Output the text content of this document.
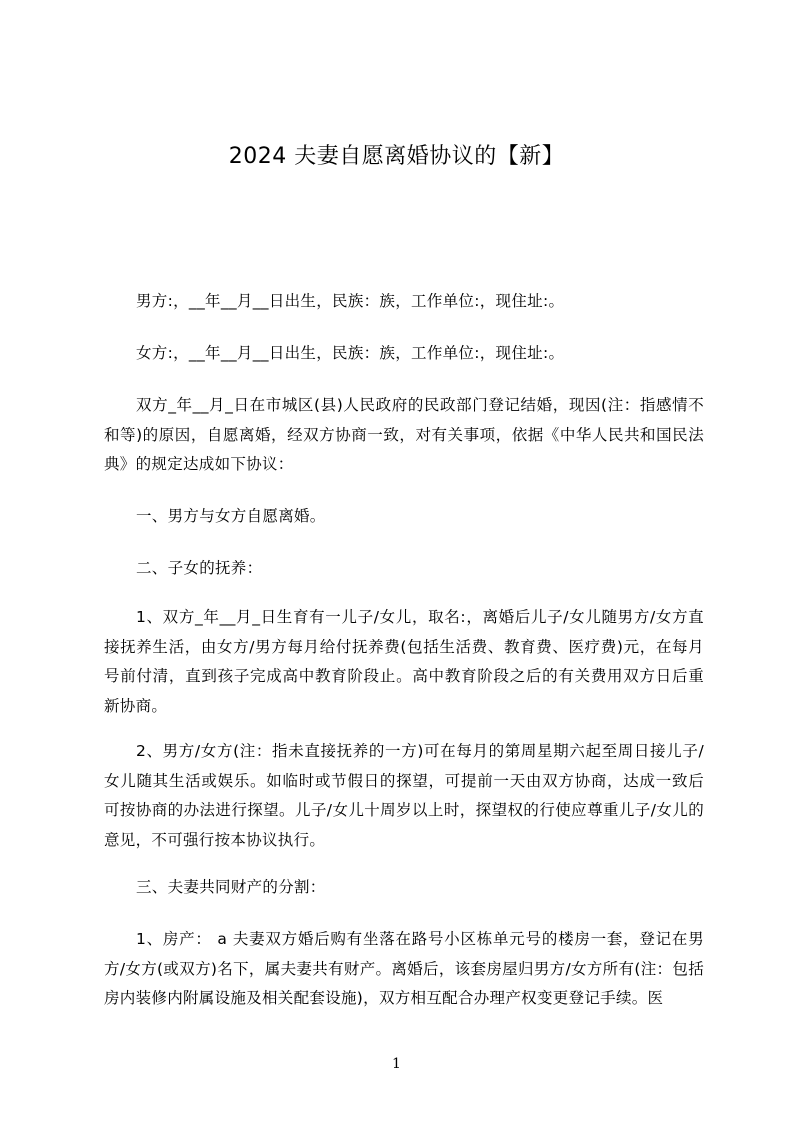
2024 夫妻自愿离婚协议的【新】

男方:，__年__月__日出生，民族：族，工作单位:，现住址:。

女方:，__年__月__日出生，民族：族，工作单位:，现住址:。

双方_年__月_日在市城区(县)人民政府的民政部门登记结婚，现因(注：指感情不和等)的原因，自愿离婚，经双方协商一致，对有关事项，依据《中华人民共和国民法典》的规定达成如下协议：

一、男方与女方自愿离婚。

二、子女的抚养：

1、双方_年__月_日生育有一儿子/女儿，取名:，离婚后儿子/女儿随男方/女方直接抚养生活，由女方/男方每月给付抚养费(包括生活费、教育费、医疗费)元，在每月号前付清，直到孩子完成高中教育阶段止。高中教育阶段之后的有关费用双方日后重新协商。

2、男方/女方(注：指未直接抚养的一方)可在每月的第周星期六起至周日接儿子/女儿随其生活或娱乐。如临时或节假日的探望，可提前一天由双方协商，达成一致后可按协商的办法进行探望。儿子/女儿十周岁以上时，探望权的行使应尊重儿子/女儿的意见，不可强行按本协议执行。

三、夫妻共同财产的分割：

1、房产： a 夫妻双方婚后购有坐落在路号小区栋单元号的楼房一套，登记在男方/女方(或双方)名下，属夫妻共有财产。离婚后，该套房屋归男方/女方所有(注：包括房内装修内附属设施及相关配套设施)，双方相互配合办理产权变更登记手续。医

1
